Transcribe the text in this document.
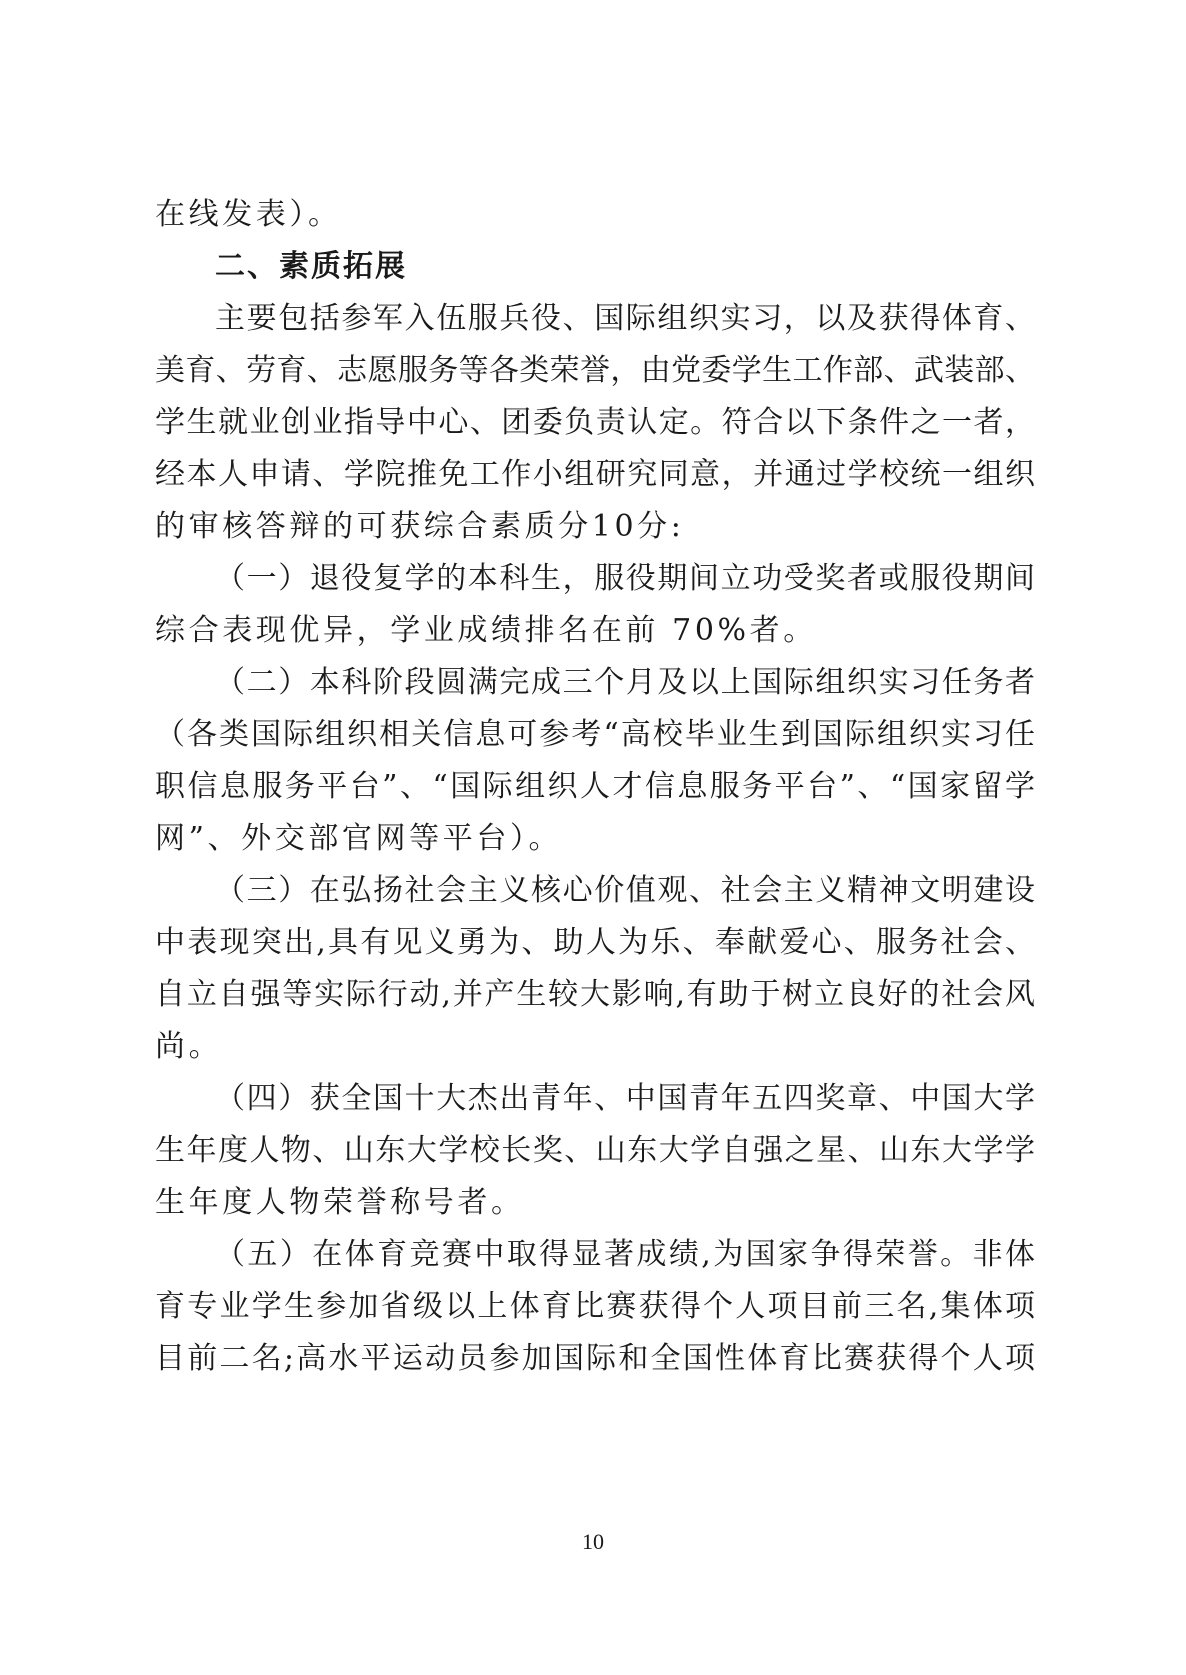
在线发表）。
二、素质拓展
主要包括参军入伍服兵役、国际组织实习，以及获得体育、
美育、劳育、志愿服务等各类荣誉，由党委学生工作部、武装部、
学生就业创业指导中心、团委负责认定。符合以下条件之一者，
经本人申请、学院推免工作小组研究同意，并通过学校统一组织
的审核答辩的可获综合素质分10分:
（一）退役复学的本科生，服役期间立功受奖者或服役期间
综合表现优异，学业成绩排名在前 70%者。
（二）本科阶段圆满完成三个月及以上国际组织实习任务者
（各类国际组织相关信息可参考“高校毕业生到国际组织实习任
职信息服务平台”、“国际组织人才信息服务平台”、“国家留学
网”、外交部官网等平台）。
（三）在弘扬社会主义核心价值观、社会主义精神文明建设
中表现突出,具有见义勇为、助人为乐、奉献爱心、服务社会、
自立自强等实际行动,并产生较大影响,有助于树立良好的社会风
尚。
（四）获全国十大杰出青年、中国青年五四奖章、中国大学
生年度人物、山东大学校长奖、山东大学自强之星、山东大学学
生年度人物荣誉称号者。
（五）在体育竞赛中取得显著成绩,为国家争得荣誉。非体
育专业学生参加省级以上体育比赛获得个人项目前三名,集体项
目前二名;高水平运动员参加国际和全国性体育比赛获得个人项
10
